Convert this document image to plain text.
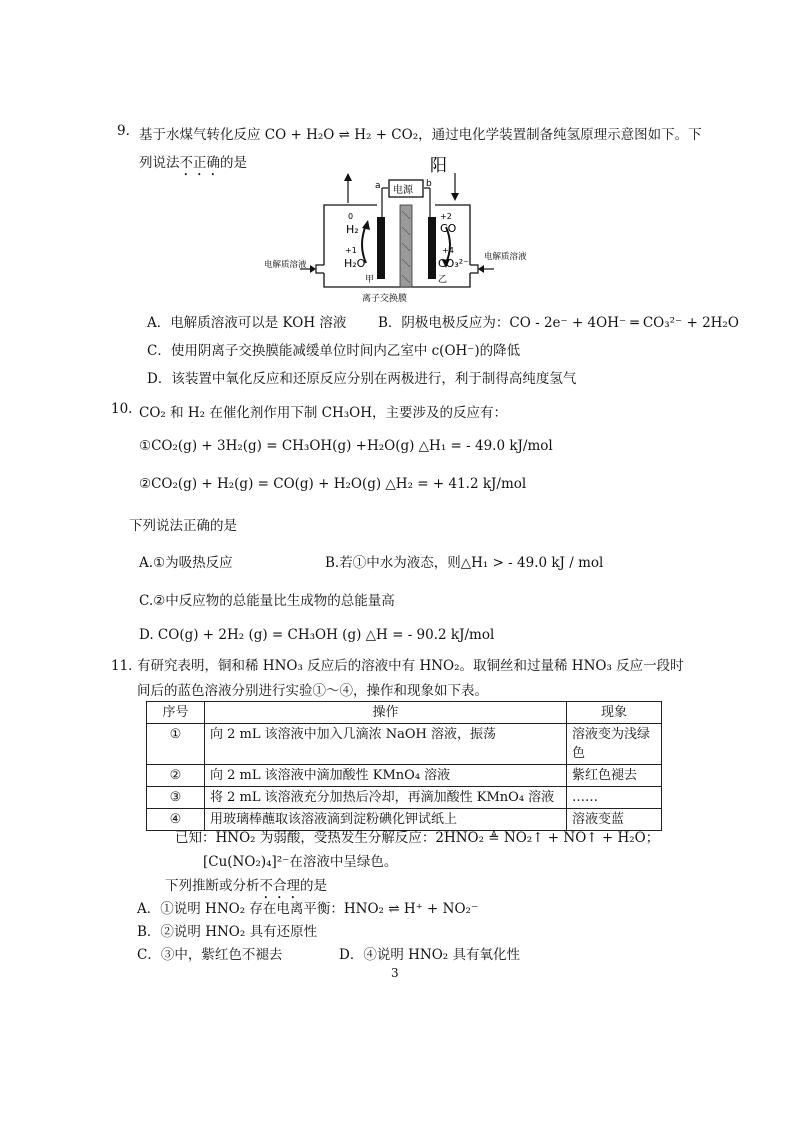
9. 基于水煤气转化反应 CO + H₂O ⇌ H₂ + CO₂，通过电化学装置制备纯氢原理示意图如下。下
列说法不正确的是	阳
电源
a	b
0
H₂
+1
H₂O
甲
+2
CO
+4
CO₃²⁻
乙
电解质溶液
电解质溶液
离子交换膜
A．电解质溶液可以是 KOH 溶液 B．阴极电极反应为：CO - 2e⁻ + 4OH⁻ ═ CO₃²⁻ + 2H₂O
C．使用阴离子交换膜能减缓单位时间内乙室中 c(OH⁻)的降低
D．该装置中氧化反应和还原反应分别在两极进行，利于制得高纯度氢气
10. CO₂ 和 H₂ 在催化剂作用下制 CH₃OH，主要涉及的反应有：
①CO₂(g) + 3H₂(g) = CH₃OH(g) +H₂O(g) △H₁ = - 49.0 kJ/mol
②CO₂(g) + H₂(g) = CO(g) + H₂O(g) △H₂ = + 41.2 kJ/mol
下列说法正确的是
A.①为吸热反应	B.若①中水为液态，则△H₁ > - 49.0 kJ / mol
C.②中反应物的总能量比生成物的总能量高
D. CO(g) + 2H₂ (g) = CH₃OH (g) △H = - 90.2 kJ/mol
11．
有研究表明，铜和稀 HNO₃ 反应后的溶液中有 HNO₂。取铜丝和过量稀 HNO₃ 反应一段时
间后的蓝色溶液分别进行实验①～④，操作和现象如下表。
序号	操作	现象
①	向 2 mL 该溶液中加入几滴浓 NaOH 溶液，振荡	溶液变为浅绿色
②	向 2 mL 该溶液中滴加酸性 KMnO₄ 溶液	紫红色褪去
③	将 2 mL 该溶液充分加热后冷却，再滴加酸性 KMnO₄ 溶液	……
④	用玻璃棒蘸取该溶液滴到淀粉碘化钾试纸上	溶液变蓝
已知：HNO₂ 为弱酸，受热发生分解反应：2HNO₂ ≜ NO₂↑ + NO↑ + H₂O；
[Cu(NO₂)₄]²⁻在溶液中呈绿色。
下列推断或分析不合理的是
A．①说明 HNO₂ 存在电离平衡：HNO₂ ⇌ H⁺ + NO₂⁻
B．②说明 HNO₂ 具有还原性
C．③中，紫红色不褪去	D．④说明 HNO₂ 具有氧化性
3
